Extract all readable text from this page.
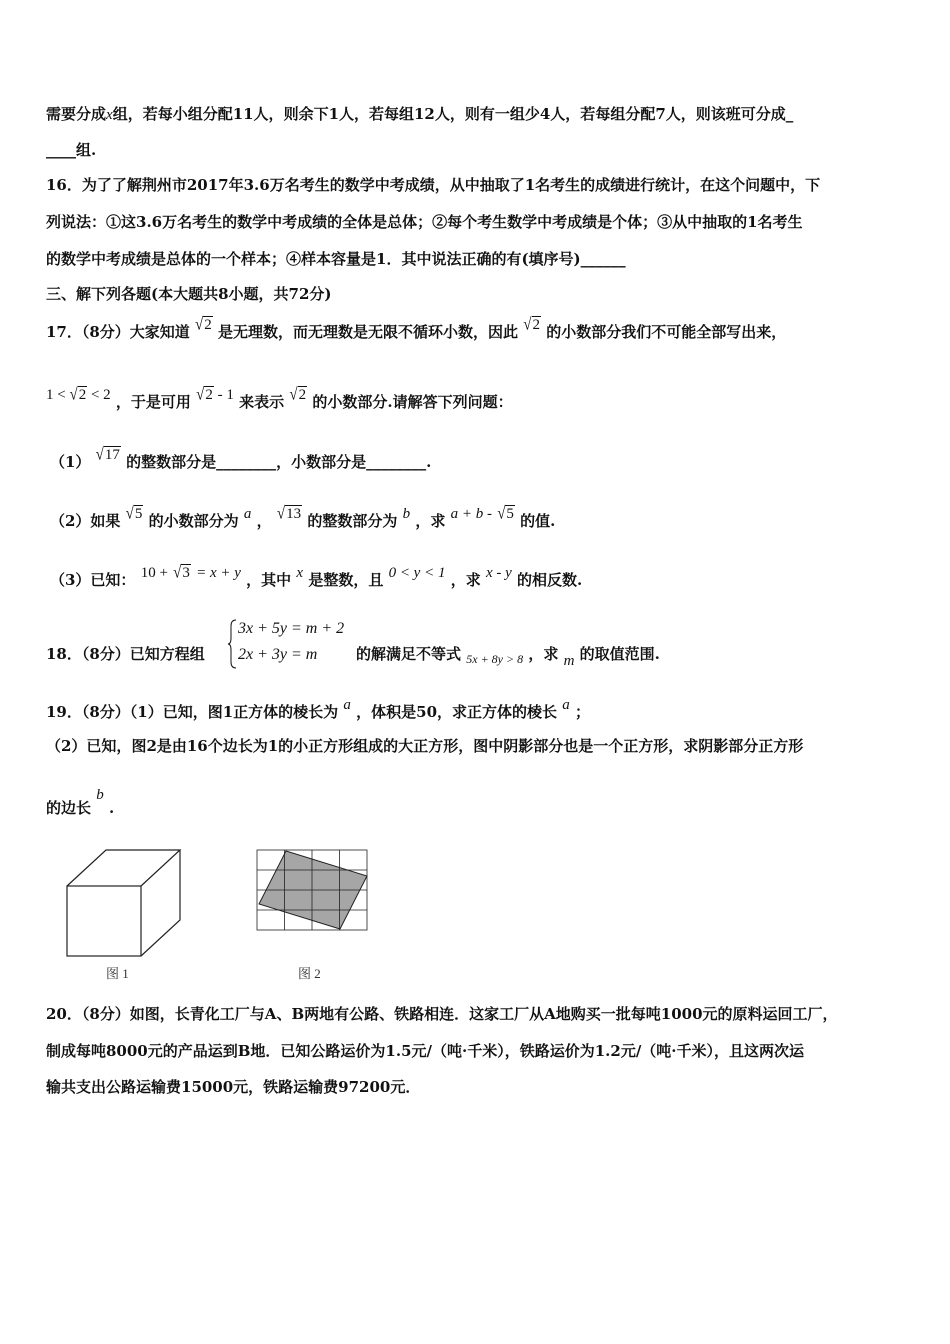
需要分成x组，若每小组分配11人，则余下1人，若每组12人，则有一组少4人，若每组分配7人，则该班可分成_
____组.
16．为了了解荆州市2017年3.6万名考生的数学中考成绩，从中抽取了1名考生的成绩进行统计，在这个问题中，下
列说法：①这3.6万名考生的数学中考成绩的全体是总体；②每个考生数学中考成绩是个体；③从中抽取的1名考生
的数学中考成绩是总体的一个样本；④样本容量是1．其中说法正确的有(填序号)______
三、解下列各题(本大题共8小题，共72分)
17．（8分）大家知道 √2 是无理数，而无理数是无限不循环小数，因此 √2 的小数部分我们不可能全部写出来，
1 < √2 < 2 ，于是可用 √2 - 1 来表示 √2 的小数部分.请解答下列问题：
（1） √17 的整数部分是________，小数部分是________.
（2）如果 √5 的小数部分为 a ， √13 的整数部分为 b ，求 a + b - √5 的值.
（3）已知： 10 + √3 = x + y ，其中 x 是整数，且 0 < y < 1 ，求 x - y 的相反数.
18．（8分）已知方程组
3x + 5y = m + 2
2x + 3y = m	的解满足不等式 $_{5x + 8y > 8}$ ，求 m 的取值范围.
19．（8分）（1）已知，图1正方体的棱长为 a ，体积是50，求正方体的棱长 a ；
（2）已知，图2是由16个边长为1的小正方形组成的大正方形，图中阴影部分也是一个正方形，求阴影部分正方形
的边长 b .
图 1	图 2
20．（8分）如图，长青化工厂与A、B两地有公路、铁路相连．这家工厂从A地购买一批每吨1000元的原料运回工厂，
制成每吨8000元的产品运到B地．已知公路运价为1.5元/（吨·千米），铁路运价为1.2元/（吨·千米），且这两次运
输共支出公路运输费15000元，铁路运输费97200元．
